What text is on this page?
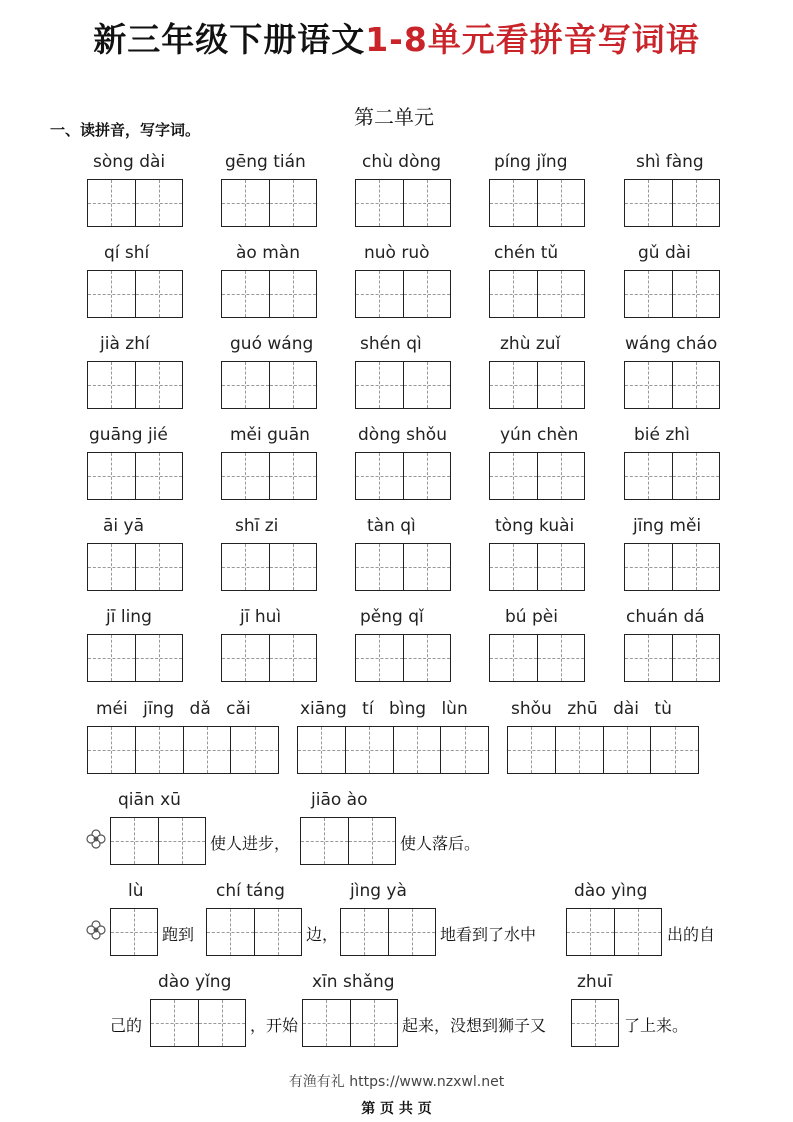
新三年级下册语文1-8单元看拼音写词语
第二单元
一、读拼音，写字词。
sòng dài	gēng tián	chù dòng	píng jǐng	shì fàng
qí shí	ào màn	nuò ruò	chén tǔ	gǔ dài
jià zhí	guó wáng	shén qì	zhù zuǐ	wáng cháo
guāng jié	měi guān	dòng shǒu	yún chèn	bié zhì
āi yā	shī zi	tàn qì	tòng kuài	jīng měi
jī ling	jī huì	pěng qǐ	bú pèi	chuán dá
méi jīng dǎ cǎi	xiāng tí bìng lùn	shǒu zhū dài tù
qiān xū	jiāo ào
使人进步，	使人落后。
lù	chí táng	jìng yà	dào yìng
跑到	边，	地看到了水中	出的自
dào yǐng	xīn shǎng	zhuī
己的	，开始	起来，没想到狮子又	了上来。
有渔有礼 https://www.nzxwl.net
第 页 共 页
